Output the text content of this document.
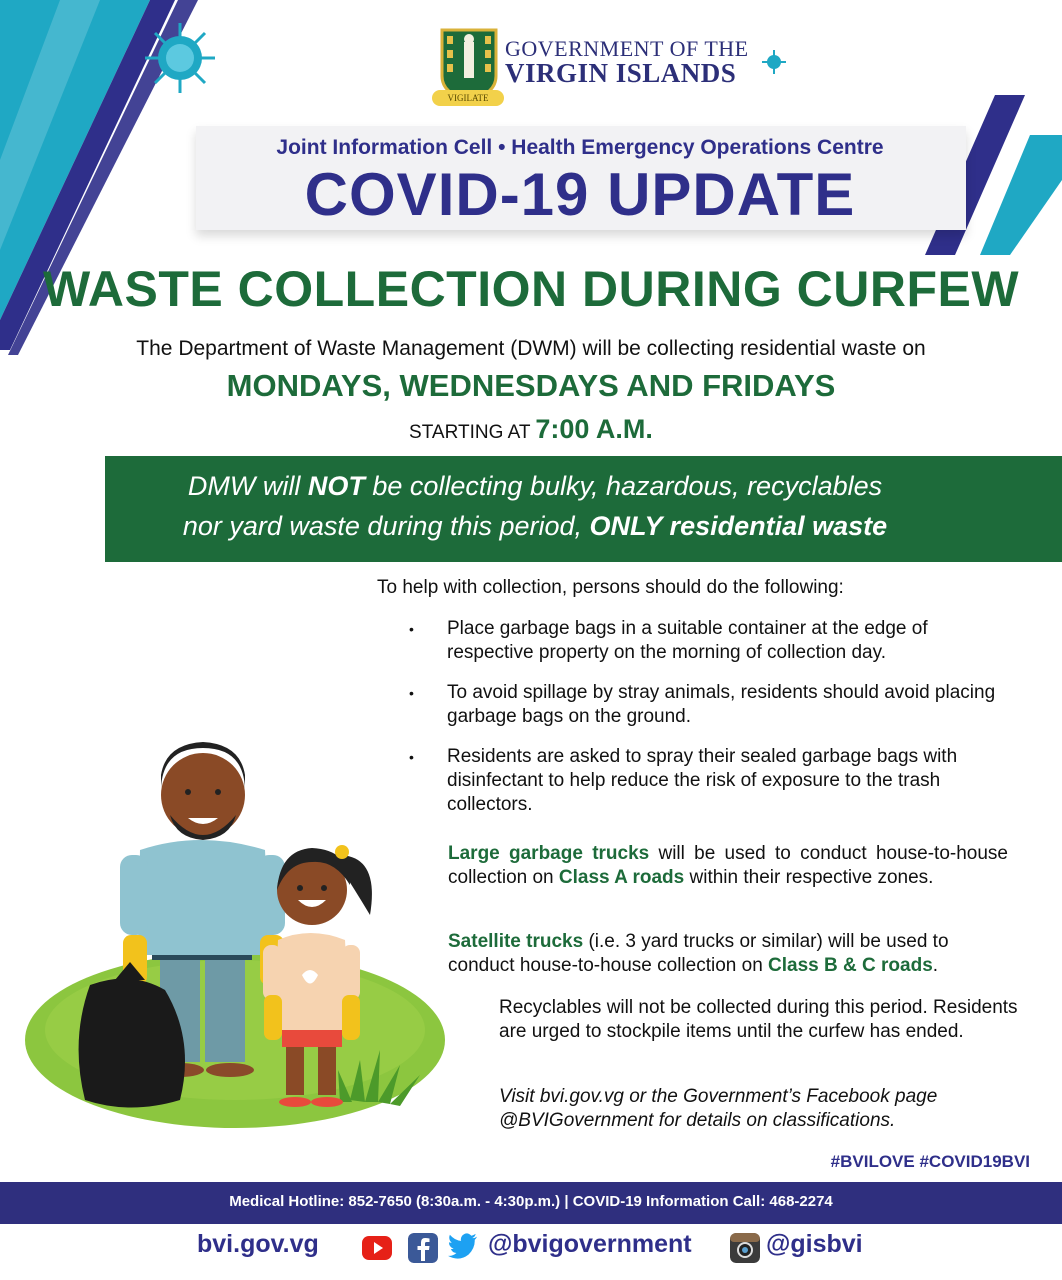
VIGILATE
GOVERNMENT OF THE
VIRGIN ISLANDS
Joint Information Cell • Health Emergency Operations Centre
COVID-19 UPDATE
WASTE COLLECTION DURING CURFEW
The Department of Waste Management (DWM) will be collecting residential waste on
MONDAYS, WEDNESDAYS AND FRIDAYS
STARTING AT 7:00 A.M.
DMW will NOT be collecting bulky, hazardous, recyclables
nor yard waste during this period, ONLY residential waste
To help with collection, persons should do the following:
• Place garbage bags in a suitable container at the edge of respective property on the morning of collection day.
• To avoid spillage by stray animals, residents should avoid placing garbage bags on the ground.
• Residents are asked to spray their sealed garbage bags with disinfectant to help reduce the risk of exposure to the trash collectors.
Large garbage trucks will be used to conduct house-to-house collection on Class A roads within their respective zones.
Satellite trucks (i.e. 3 yard trucks or similar) will be used to conduct house-to-house collection on Class B & C roads.
Recyclables will not be collected during this period. Residents are urged to stockpile items until the curfew has ended.
Visit bvi.gov.vg or the Government’s Facebook page @BVIGovernment for details on classifications.
#BVILOVE #COVID19BVI
Medical Hotline: 852-7650 (8:30a.m. - 4:30p.m.) | COVID-19 Information Call: 468-2274
bvi.gov.vg	@bvigovernment	@gisbvi
